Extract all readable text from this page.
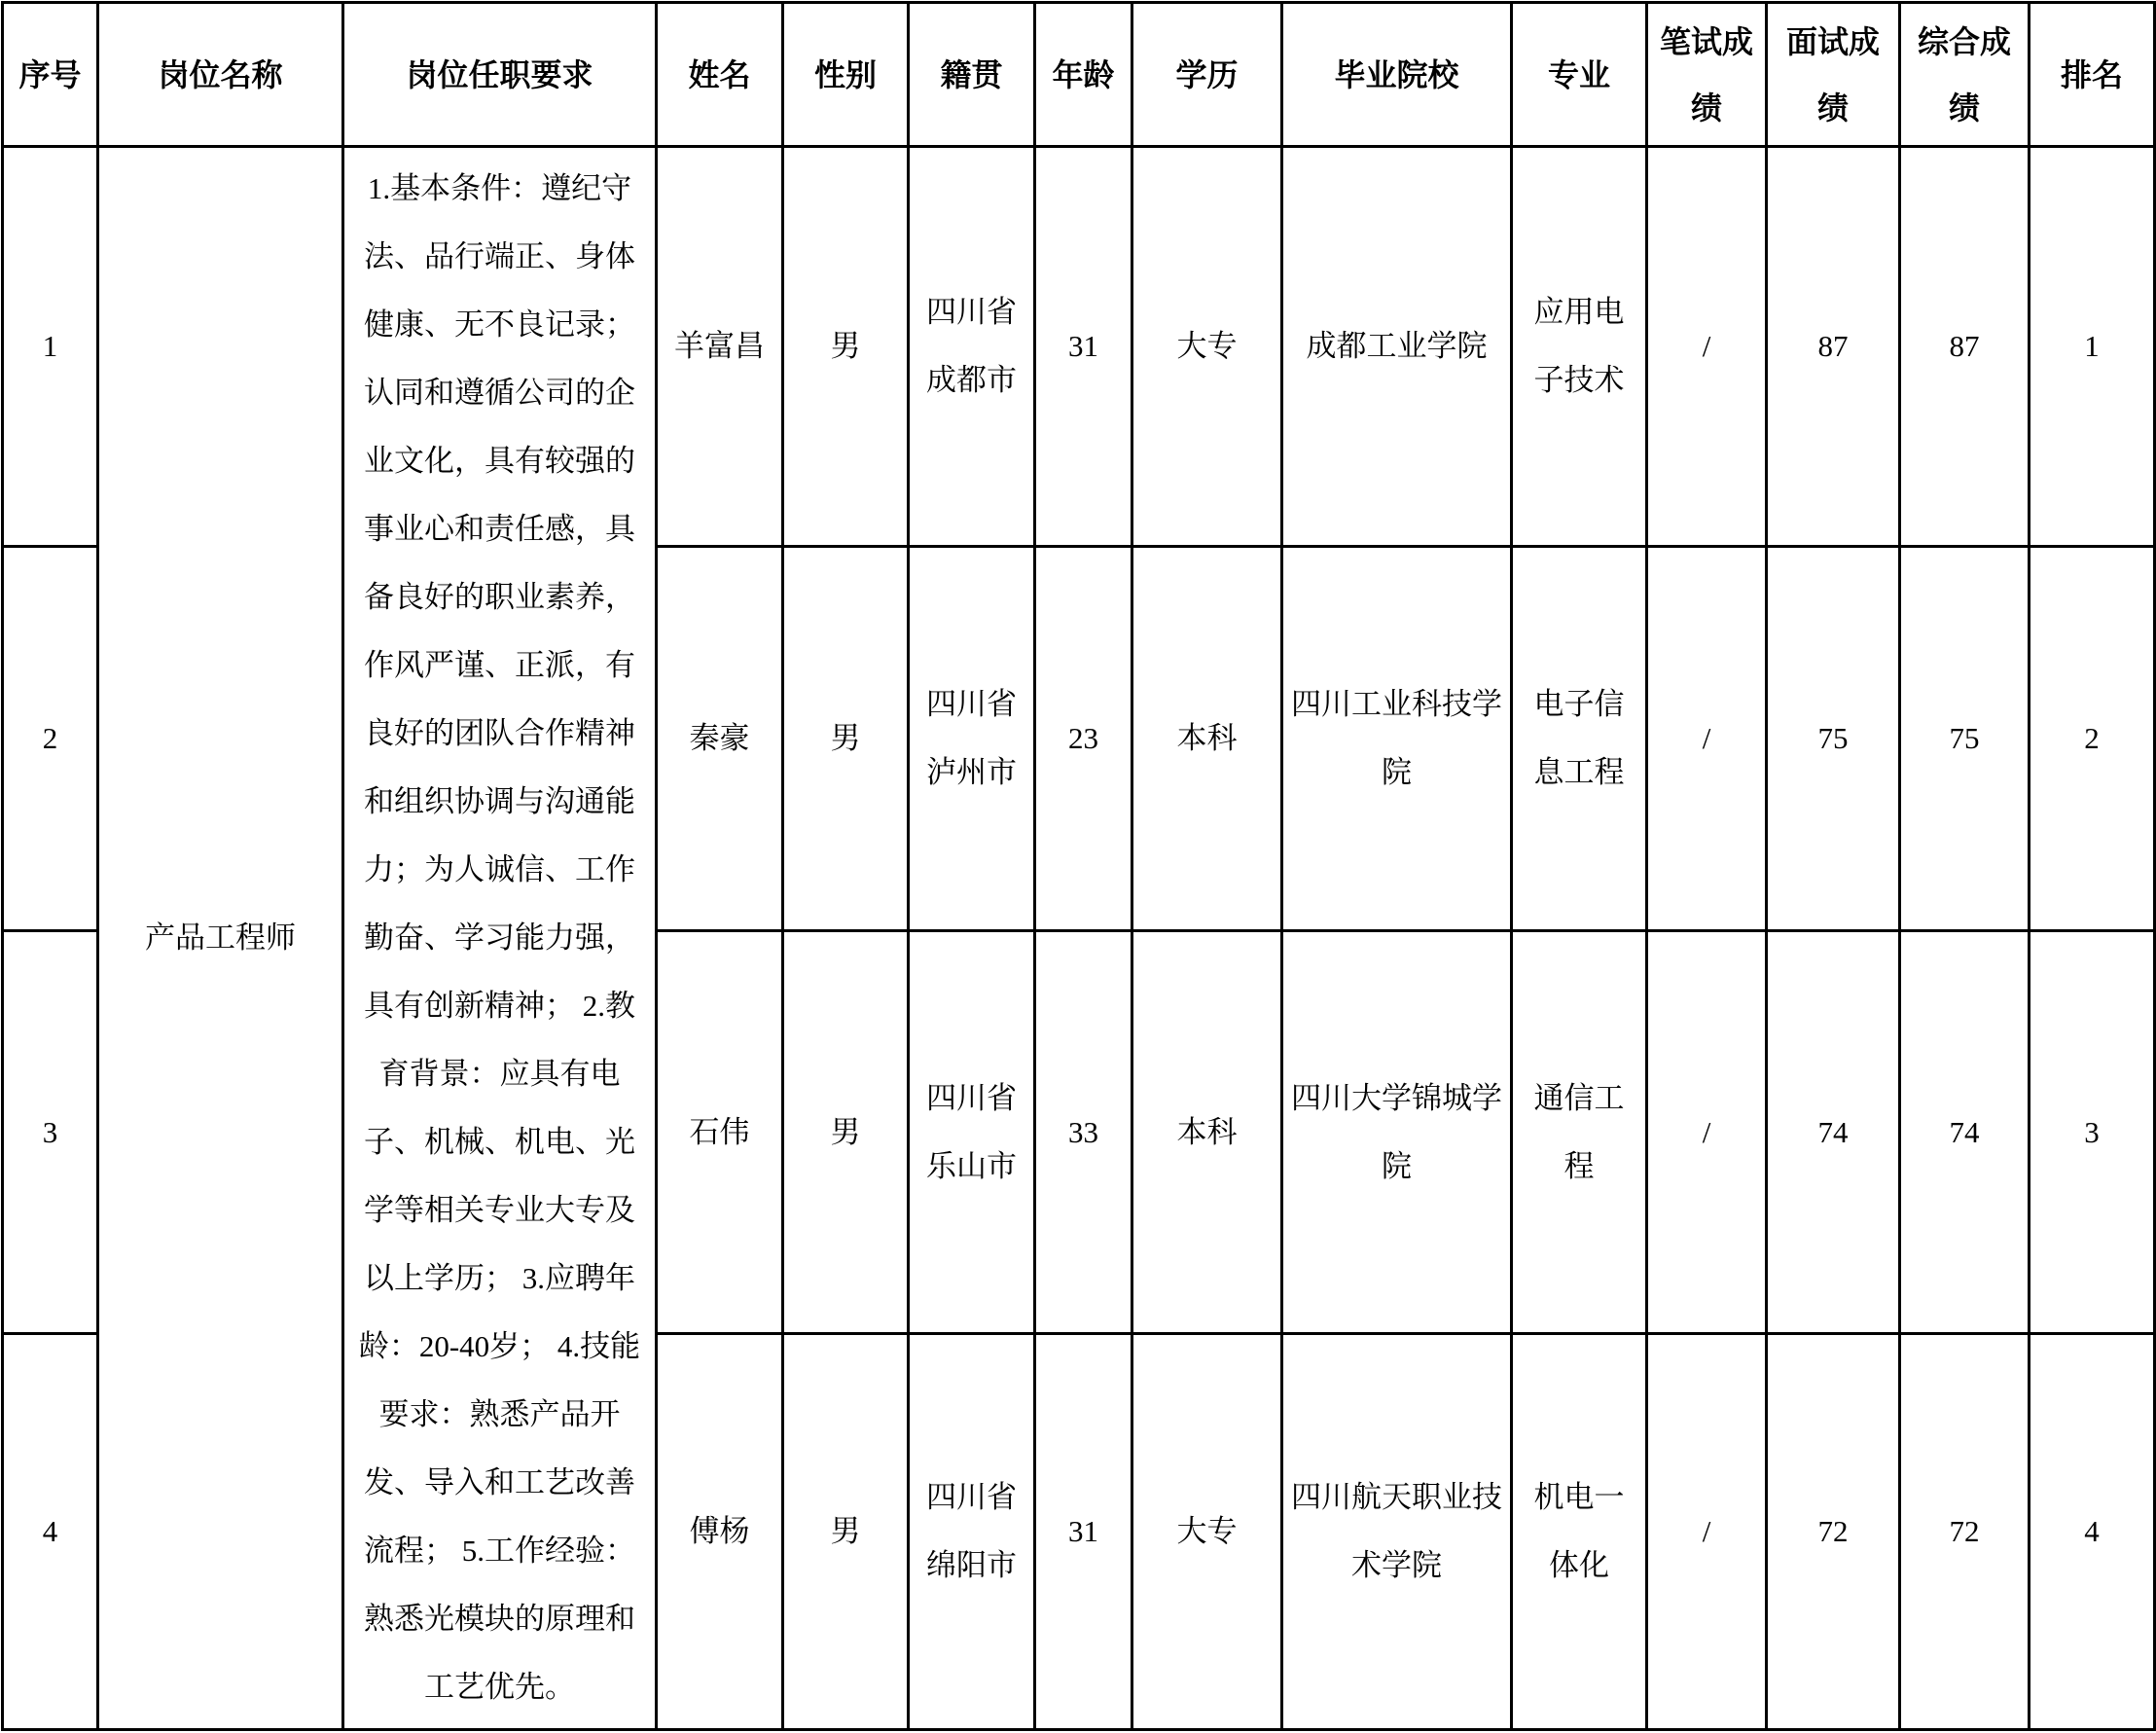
序号	岗位名称	岗位任职要求	姓名	性别	籍贯	年龄	学历	毕业院校	专业	笔试成绩	面试成绩	综合成绩	排名
1	产品工程师	1.基本条件：遵纪守法、品行端正、身体健康、无不良记录；认同和遵循公司的企业文化，具有较强的事业心和责任感，具备良好的职业素养，作风严谨、正派，有良好的团队合作精神和组织协调与沟通能力；为人诚信、工作勤奋、学习能力强，具有创新精神； 2.教育背景：应具有电子、机械、机电、光学等相关专业大专及以上学历； 3.应聘年龄：20-40岁； 4.技能要求：熟悉产品开发、导入和工艺改善流程； 5.工作经验：熟悉光模块的原理和工艺优先。	羊富昌	男	四川省成都市	31	大专	成都工业学院	应用电子技术	/	87	87	1
2			秦豪	男	四川省泸州市	23	本科	四川工业科技学院	电子信息工程	/	75	75	2
3			石伟	男	四川省乐山市	33	本科	四川大学锦城学院	通信工程	/	74	74	3
4			傅杨	男	四川省绵阳市	31	大专	四川航天职业技术学院	机电一体化	/	72	72	4
